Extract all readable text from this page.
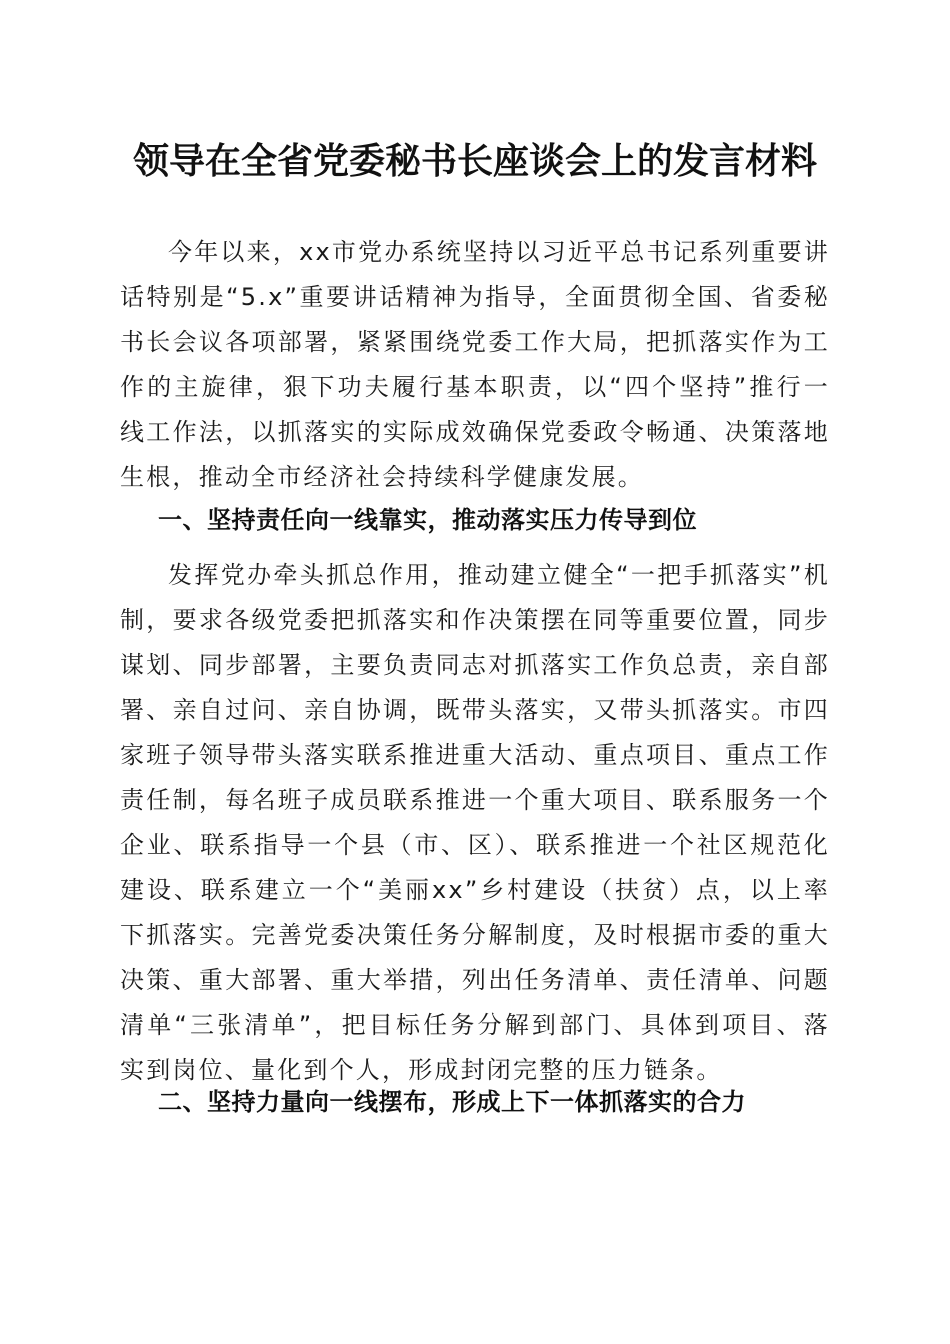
领导在全省党委秘书长座谈会上的发言材料

今年以来，xx市党办系统坚持以习近平总书记系列重要讲话特别是“5.x”重要讲话精神为指导，全面贯彻全国、省委秘书长会议各项部署，紧紧围绕党委工作大局，把抓落实作为工作的主旋律，狠下功夫履行基本职责，以“四个坚持”推行一线工作法，以抓落实的实际成效确保党委政令畅通、决策落地生根，推动全市经济社会持续科学健康发展。

一、坚持责任向一线靠实，推动落实压力传导到位

发挥党办牵头抓总作用，推动建立健全“一把手抓落实”机制，要求各级党委把抓落实和作决策摆在同等重要位置，同步谋划、同步部署，主要负责同志对抓落实工作负总责，亲自部署、亲自过问、亲自协调，既带头落实，又带头抓落实。市四家班子领导带头落实联系推进重大活动、重点项目、重点工作责任制，每名班子成员联系推进一个重大项目、联系服务一个企业、联系指导一个县（市、区）、联系推进一个社区规范化建设、联系建立一个“美丽xx”乡村建设（扶贫）点，以上率下抓落实。完善党委决策任务分解制度，及时根据市委的重大决策、重大部署、重大举措，列出任务清单、责任清单、问题清单“三张清单”，把目标任务分解到部门、具体到项目、落实到岗位、量化到个人，形成封闭完整的压力链条。

二、坚持力量向一线摆布，形成上下一体抓落实的合力
